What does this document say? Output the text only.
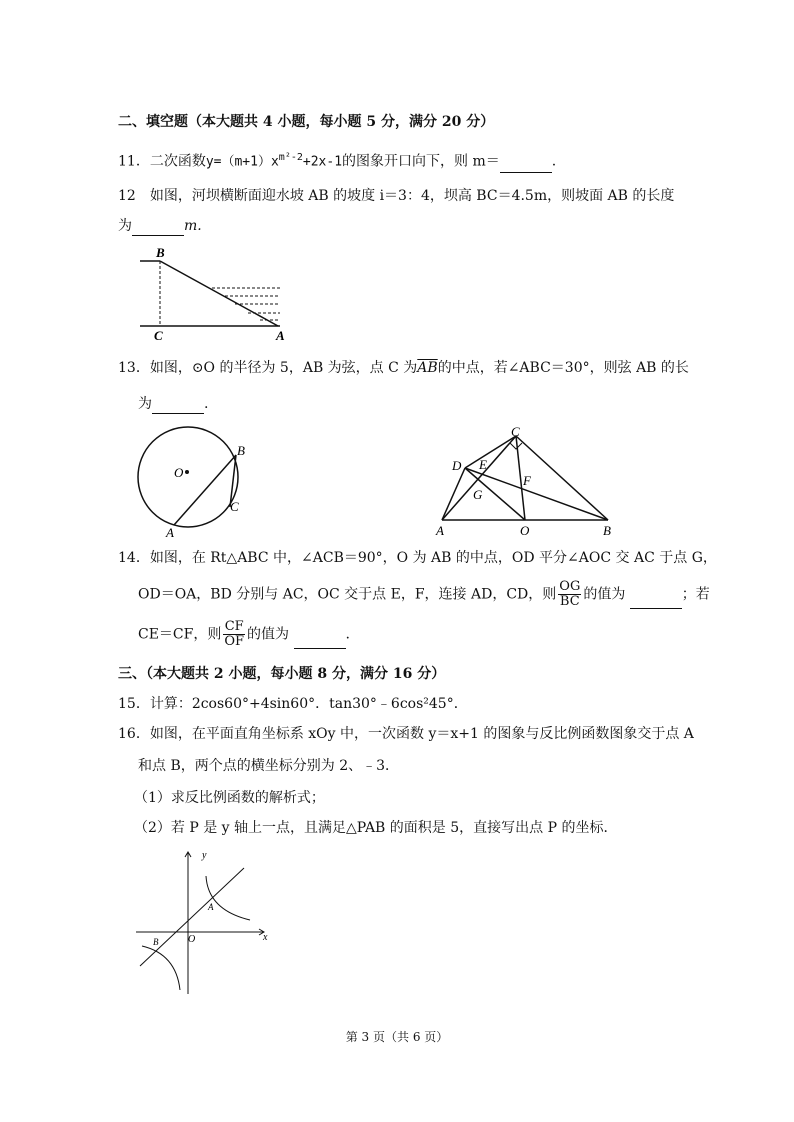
二、填空题（本大题共 4 小题，每小题 5 分，满分 20 分）
11．二次函数$y=(m+1)x^{m^2-2}+2x-1$的图象开口向下，则 m＝	.
12　如图，河坝横断面迎水坡 AB 的坡度 i＝3：4，坝高 BC＝4.5m，则坡面 AB 的长度
为	m.
B
C	A
13．如图，⊙O 的半径为 5，AB 为弦，点 C 为$\overline{AB}$的中点，若∠ABC＝30°，则弦 AB 的长
为	.
O
A
B
C
C
D E
G
F
A	O	B
14．如图，在 Rt△ABC 中，∠ACB＝90°，O 为 AB 的中点，OD 平分∠AOC 交 AC 于点 G，
OD＝OA，BD 分别与 AC，OC 交于点 E，F，连接 AD，CD，则 $\frac{OG}{BC}$ 的值为	；若
CE＝CF，则 $\frac{CF}{OF}$ 的值为	.
三、（本大题共 2 小题，每小题 8 分，满分 16 分）
15．计算：2cos60°+4sin60°．tan30°﹣6cos²45°．
16．如图，在平面直角坐标系 xOy 中，一次函数 y＝x+1 的图象与反比例函数图象交于点 A
和点 B，两个点的横坐标分别为 2、﹣3．
（1）求反比例函数的解析式；
（2）若 P 是 y 轴上一点，且满足△PAB 的面积是 5，直接写出点 P 的坐标．
y
x
O
A
B
第 3 页（共 6 页）
